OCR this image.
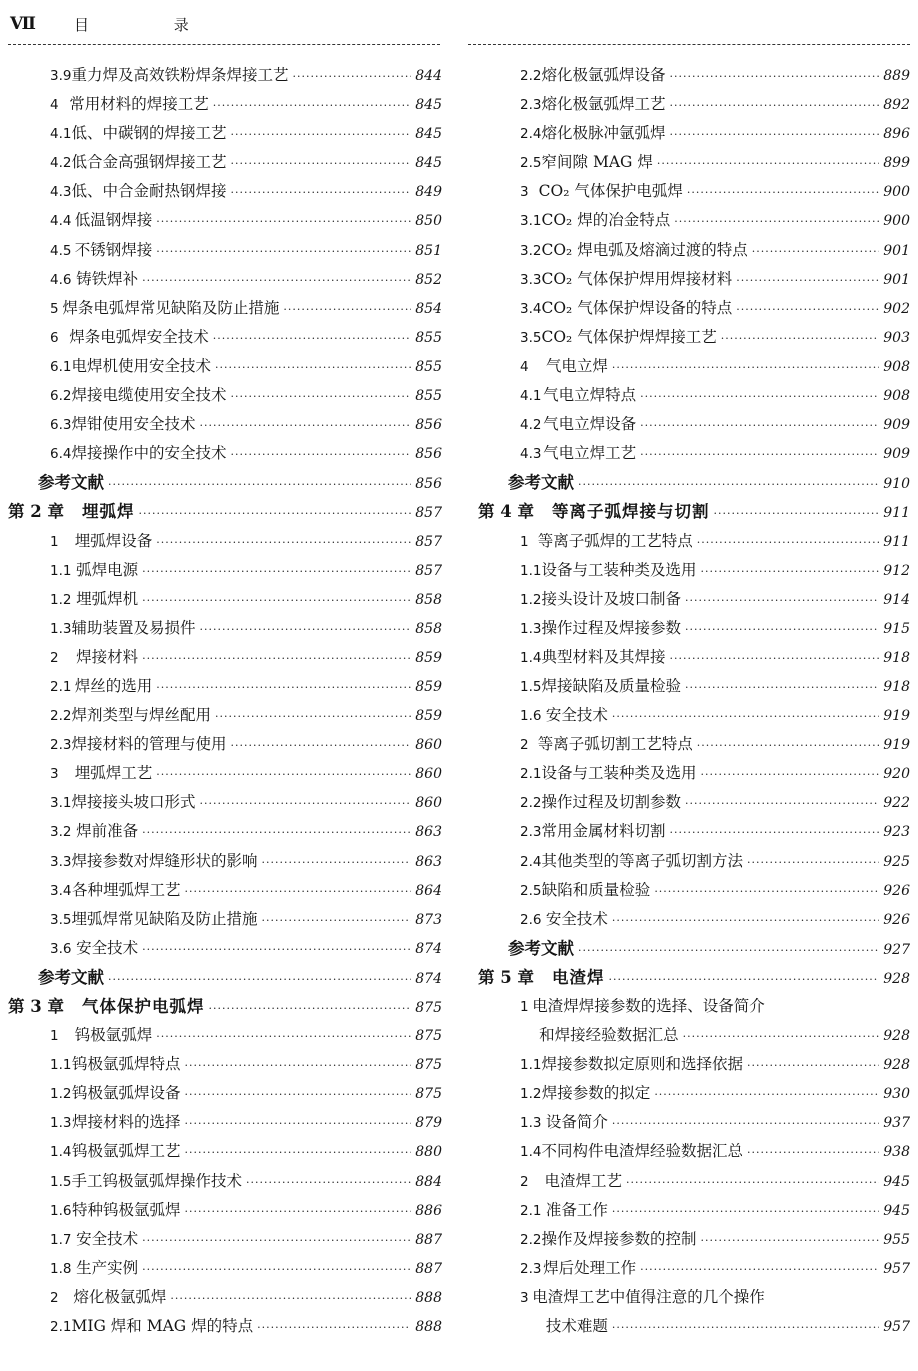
Ⅶ	目 录
3.9 重力焊及高效铁粉焊条焊接工艺 ·····	844
4 常用材料的焊接工艺 ·····	845
4.1 低、中碳钢的焊接工艺 ·····	845
4.2 低合金高强钢焊接工艺 ·····	845
4.3 低、中合金耐热钢焊接 ·····	849
4.4 低温钢焊接 ·····	850
4.5 不锈钢焊接 ·····	851
4.6 铸铁焊补 ·····	852
5 焊条电弧焊常见缺陷及防止措施 ·····	854
6 焊条电弧焊安全技术 ·····	855
6.1 电焊机使用安全技术 ·····	855
6.2 焊接电缆使用安全技术 ·····	855
6.3 焊钳使用安全技术 ·····	856
6.4 焊接操作中的安全技术 ·····	856
参考文献 ·····	856
第 2 章	埋弧焊 ·····	857
1	埋弧焊设备 ·····	857
1.1 弧焊电源 ·····	857
1.2 埋弧焊机 ·····	858
1.3 辅助装置及易损件 ·····	858
2	焊接材料 ·····	859
2.1 焊丝的选用 ·····	859
2.2 焊剂类型与焊丝配用 ·····	859
2.3 焊接材料的管理与使用 ·····	860
3	埋弧焊工艺 ·····	860
3.1 焊接接头坡口形式 ·····	860
3.2 焊前准备 ·····	863
3.3 焊接参数对焊缝形状的影响 ·····	863
3.4 各种埋弧焊工艺 ·····	864
3.5 埋弧焊常见缺陷及防止措施 ·····	873
3.6 安全技术 ·····	874
参考文献 ·····	874
第 3 章	气体保护电弧焊 ·····	875
1	钨极氩弧焊 ·····	875
1.1 钨极氩弧焊特点 ·····	875
1.2 钨极氩弧焊设备 ·····	875
1.3 焊接材料的选择 ·····	879
1.4 钨极氩弧焊工艺 ·····	880
1.5 手工钨极氩弧焊操作技术 ·····	884
1.6 特种钨极氩弧焊 ·····	886
1.7 安全技术 ·····	887
1.8 生产实例 ·····	887
2 熔化极氩弧焊 ·····	888
2.1 MIG 焊和 MAG 焊的特点 ·····	888
2.2 熔化极氩弧焊设备 ·····	889
2.3 熔化极氩弧焊工艺 ·····	892
2.4 熔化极脉冲氩弧焊 ·····	896
2.5 窄间隙 MAG 焊 ·····	899
3 CO₂ 气体保护电弧焊 ·····	900
3.1 CO₂ 焊的冶金特点 ·····	900
3.2 CO₂ 焊电弧及熔滴过渡的特点 ·····	901
3.3 CO₂ 气体保护焊用焊接材料 ·····	901
3.4 CO₂ 气体保护焊设备的特点 ·····	902
3.5 CO₂ 气体保护焊焊接工艺 ·····	903
4	气电立焊 ·····	908
4.1 气电立焊特点 ·····	908
4.2 气电立焊设备 ·····	909
4.3 气电立焊工艺 ·····	909
参考文献 ·····	910
第 4 章	等离子弧焊接与切割 ·····	911
1 等离子弧焊的工艺特点 ·····	911
1.1 设备与工装种类及选用 ·····	912
1.2 接头设计及坡口制备 ·····	914
1.3 操作过程及焊接参数 ·····	915
1.4 典型材料及其焊接 ·····	918
1.5 焊接缺陷及质量检验 ·····	918
1.6 安全技术 ·····	919
2 等离子弧切割工艺特点 ·····	919
2.1 设备与工装种类及选用 ·····	920
2.2 操作过程及切割参数 ·····	922
2.3 常用金属材料切割 ·····	923
2.4 其他类型的等离子弧切割方法 ·····	925
2.5 缺陷和质量检验 ·····	926
2.6 安全技术 ·····	926
参考文献 ·····	927
第 5 章	电渣焊 ·····	928
1 电渣焊焊接参数的选择、设备简介
和焊接经验数据汇总 ·····	928
1.1 焊接参数拟定原则和选择依据 ·····	928
1.2 焊接参数的拟定 ·····	930
1.3 设备简介 ·····	937
1.4 不同构件电渣焊经验数据汇总 ·····	938
2	电渣焊工艺 ·····	945
2.1 准备工作 ·····	945
2.2 操作及焊接参数的控制 ·····	955
2.3 焊后处理工作 ·····	957
3 电渣焊工艺中值得注意的几个操作
技术难题 ·····	957
